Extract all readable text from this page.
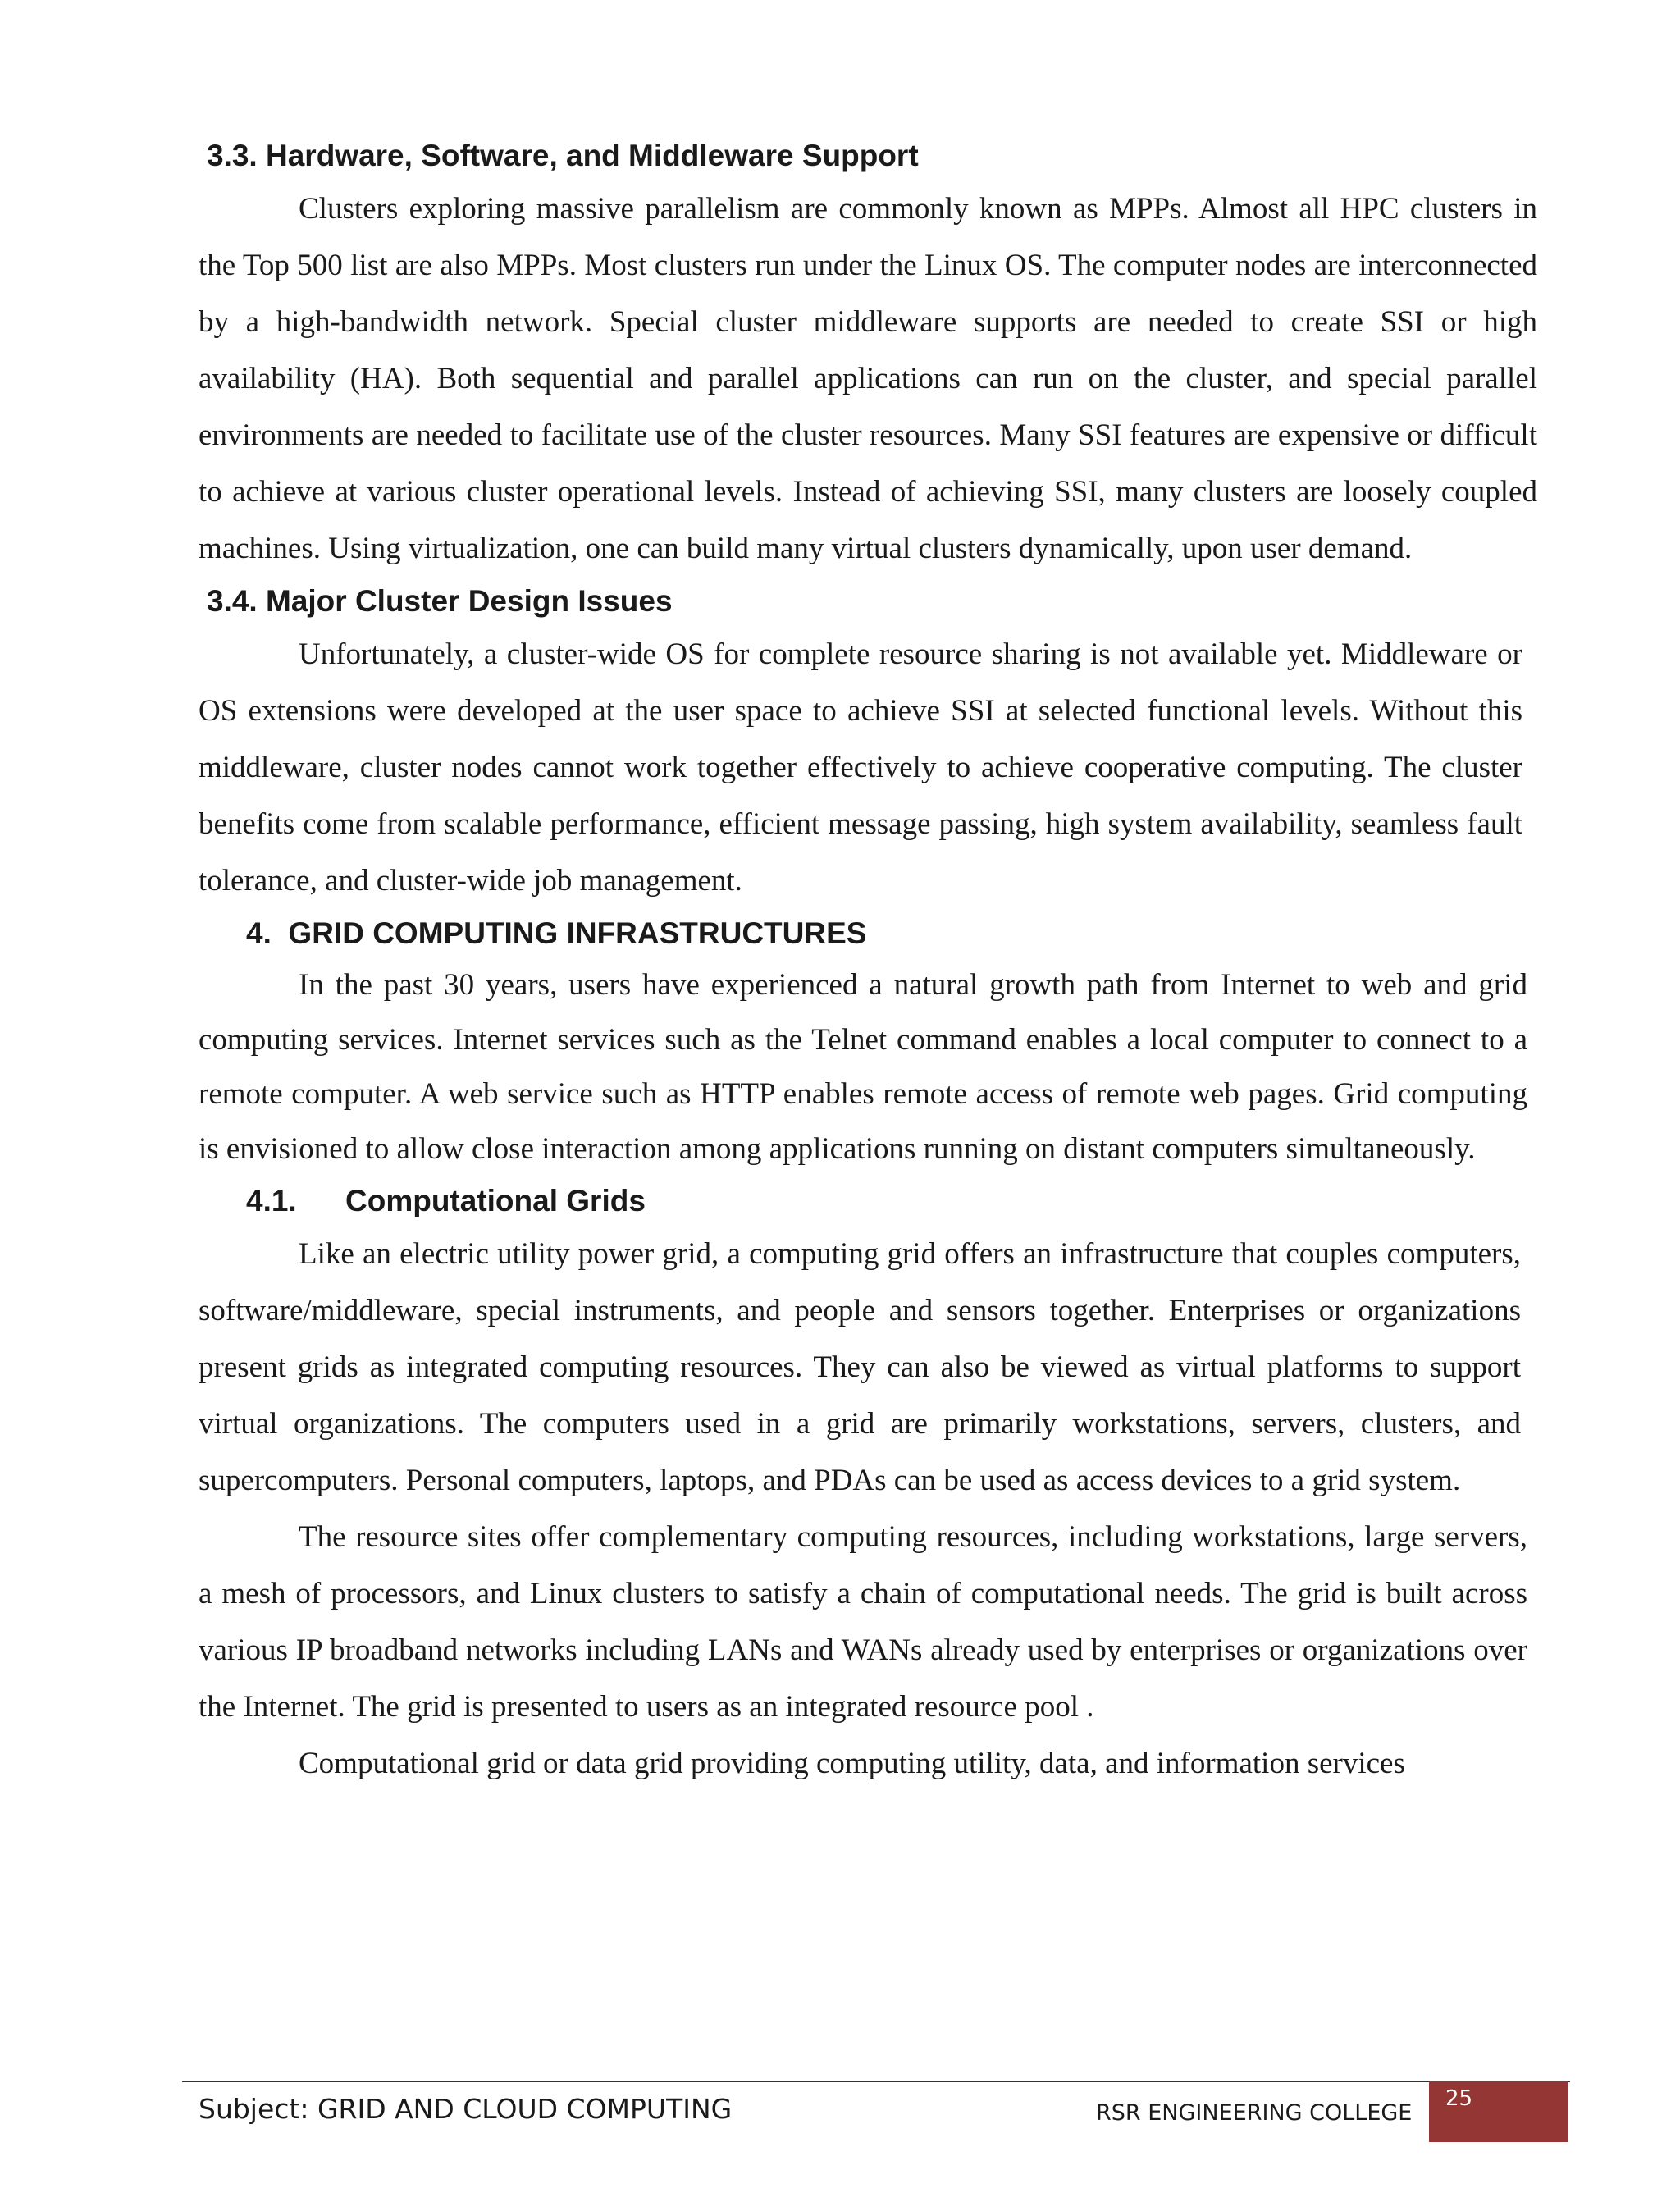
3.3. Hardware, Software, and Middleware Support

Clusters exploring massive parallelism are commonly known as MPPs. Almost all HPC clusters in the Top 500 list are also MPPs. Most clusters run under the Linux OS. The computer nodes are interconnected by a high-bandwidth network. Special cluster middleware supports are needed to create SSI or high availability (HA). Both sequential and parallel applications can run on the cluster, and special parallel environments are needed to facilitate use of the cluster resources. Many SSI features are expensive or difficult to achieve at various cluster operational levels. Instead of achieving SSI, many clusters are loosely coupled machines. Using virtualization, one can build many virtual clusters dynamically, upon user demand.

3.4. Major Cluster Design Issues

Unfortunately, a cluster-wide OS for complete resource sharing is not available yet. Middleware or OS extensions were developed at the user space to achieve SSI at selected functional levels. Without this middleware, cluster nodes cannot work together effectively to achieve cooperative computing. The cluster benefits come from scalable performance, efficient message passing, high system availability, seamless fault tolerance, and cluster-wide job management.

4.  GRID COMPUTING INFRASTRUCTURES

In the past 30 years, users have experienced a natural growth path from Internet to web and grid computing services. Internet services such as the Telnet command enables a local computer to connect to a remote computer. A web service such as HTTP enables remote access of remote web pages. Grid computing is envisioned to allow close interaction among applications running on distant computers simultaneously.

4.1. Computational Grids

Like an electric utility power grid, a computing grid offers an infrastructure that couples computers, software/middleware, special instruments, and people and sensors together. Enterprises or organizations present grids as integrated computing resources. They can also be viewed as virtual platforms to support virtual organizations. The computers used in a grid are primarily workstations, servers, clusters, and supercomputers. Personal computers, laptops, and PDAs can be used as access devices to a grid system.

The resource sites offer complementary computing resources, including workstations, large servers, a mesh of processors, and Linux clusters to satisfy a chain of computational needs. The grid is built across various IP broadband networks including LANs and WANs already used by enterprises or organizations over the Internet. The grid is presented to users as an integrated resource pool .

Computational grid or data grid providing computing utility, data, and information services

Subject: GRID AND CLOUD COMPUTING	RSR ENGINEERING COLLEGE
25
